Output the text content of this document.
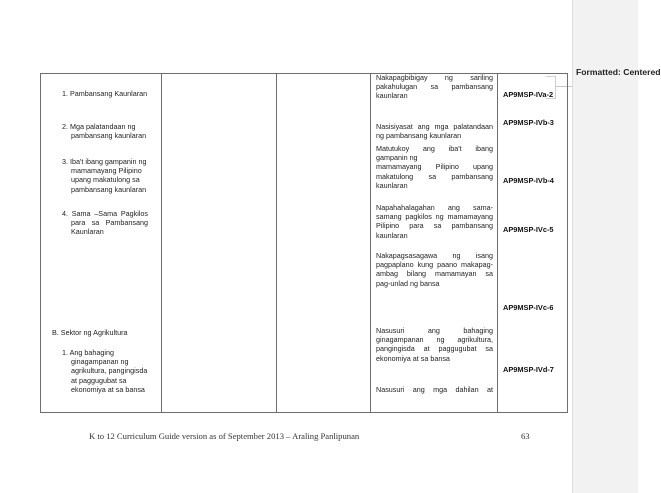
Formatted: Centered
1. Pambansang Kaunlaran
2. Mga palatandaan ng
pambansang kaunlaran
3. Iba't ibang gampanin ng
mamamayang Pilipino
upang makatulong sa
pambansang kaunlaran
4. Sama –Sama Pagkilos
para sa Pambansang
Kaunlaran
B. Sektor ng Agrikultura
1. Ang bahaging
ginagampanan ng
agrikultura, pangingisda
at paggugubat sa
ekonomiya at sa bansa
Nakapagbibigay ng sariling
pakahulugan sa pambansang
kaunlaran
Nasisiyasat ang mga palatandaan
ng pambansang kaunlaran
Matutukoy ang iba't ibang
gampanin ng
mamamayang Pilipino upang
makatulong sa pambansang
kaunlaran
Napahahalagahan ang sama-
samang pagkilos ng mamamayang
Pilipino para sa pambansang
kaunlaran
Nakapagsasagawa ng isang
pagpaplano kung paano makapag-
ambag bilang mamamayan sa
pag-unlad ng bansa
Nasusuri ang bahaging
ginagampanan ng agrikultura,
pangingisda at paggugubat sa
ekonomiya at sa bansa
Nasusuri ang mga dahilan at
AP9MSP-IVa-2
AP9MSP-IVb-3
AP9MSP-IVb-4
AP9MSP-IVc-5
AP9MSP-IVc-6
AP9MSP-IVd-7
K to 12 Curriculum Guide version as of September 2013 – Araling Panlipunan	63
